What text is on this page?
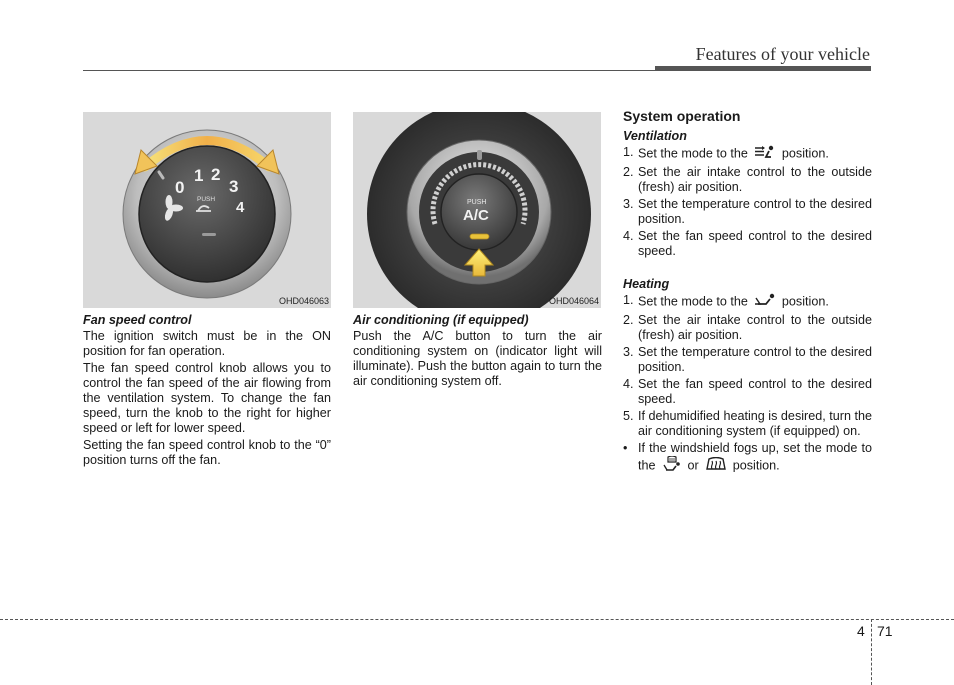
Features of your vehicle
0
1 2
3
4
PUSH
OHD046063
PUSH
A/C
OHD046064
Fan speed control

The ignition switch must be in the ON position for fan operation.

The fan speed control knob allows you to control the fan speed of the air flowing from the ventilation system. To change the fan speed, turn the knob to the right for higher speed or left for lower speed.

Setting the fan speed control knob to the “0” position turns off the fan.

Air conditioning (if equipped)

Push the A/C button to turn the air conditioning system on (indicator light will illuminate). Push the button again to turn the air conditioning system off.

System operation
Ventilation
1. Set the mode to the	position.
2. Set the air intake control to the outside (fresh) air position.
3. Set the temperature control to the desired position.
4. Set the fan speed control to the desired speed.
Heating
1. Set the mode to the	position.
2. Set the air intake control to the outside (fresh) air position.
3. Set the temperature control to the desired position.
4. Set the fan speed control to the desired speed.
5. If dehumidified heating is desired, turn the air conditioning system (if equipped) on.
• If the windshield fogs up, set the mode to the	or	position.
4 71
